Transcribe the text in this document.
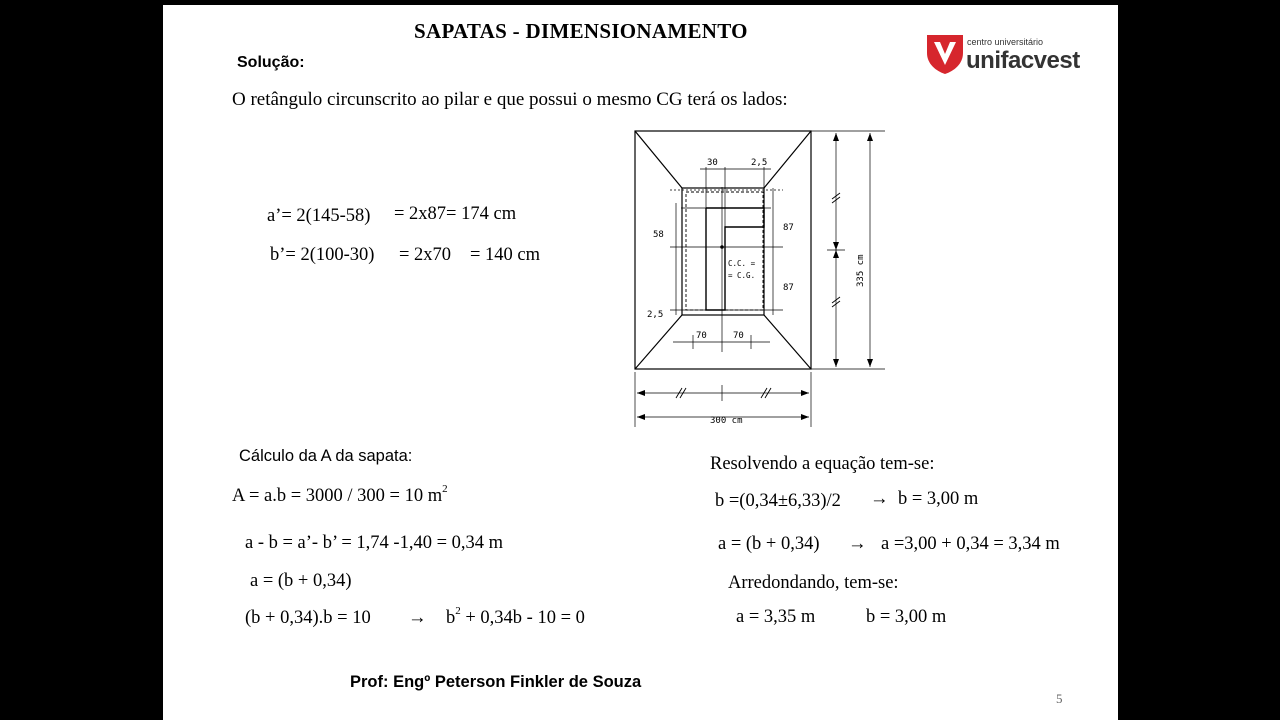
SAPATAS - DIMENSIONAMENTO	centro universitário
unifacvest
Solução:
O retângulo circunscrito ao pilar e que possui o mesmo CG terá os lados:
a’= 2(145-58) = 2x87= 174 cm
b’= 2(100-30) = 2x70 = 140 cm
30	2,5
58
87
87
C.C. =
= C.G.
2,5
70	70
300 cm
335 cm
Cálculo da A da sapata:
A = a.b = 3000 / 300 = 10 $m^2$
a - b = a’- b’ = 1,74 -1,40 = 0,34 m
a = (b + 0,34)
$(b + 0,34).b = 10 \to b^2 + 0,34b - 10 = 0$
Resolvendo a equação tem-se:
b =(0,34±6,33)/2 → b = 3,00 m
a = (b + 0,34) → a =3,00 + 0,34 = 3,34 m
Arredondando, tem-se:
a = 3,35 m	b = 3,00 m
Prof: Engº Peterson Finkler de Souza
5
